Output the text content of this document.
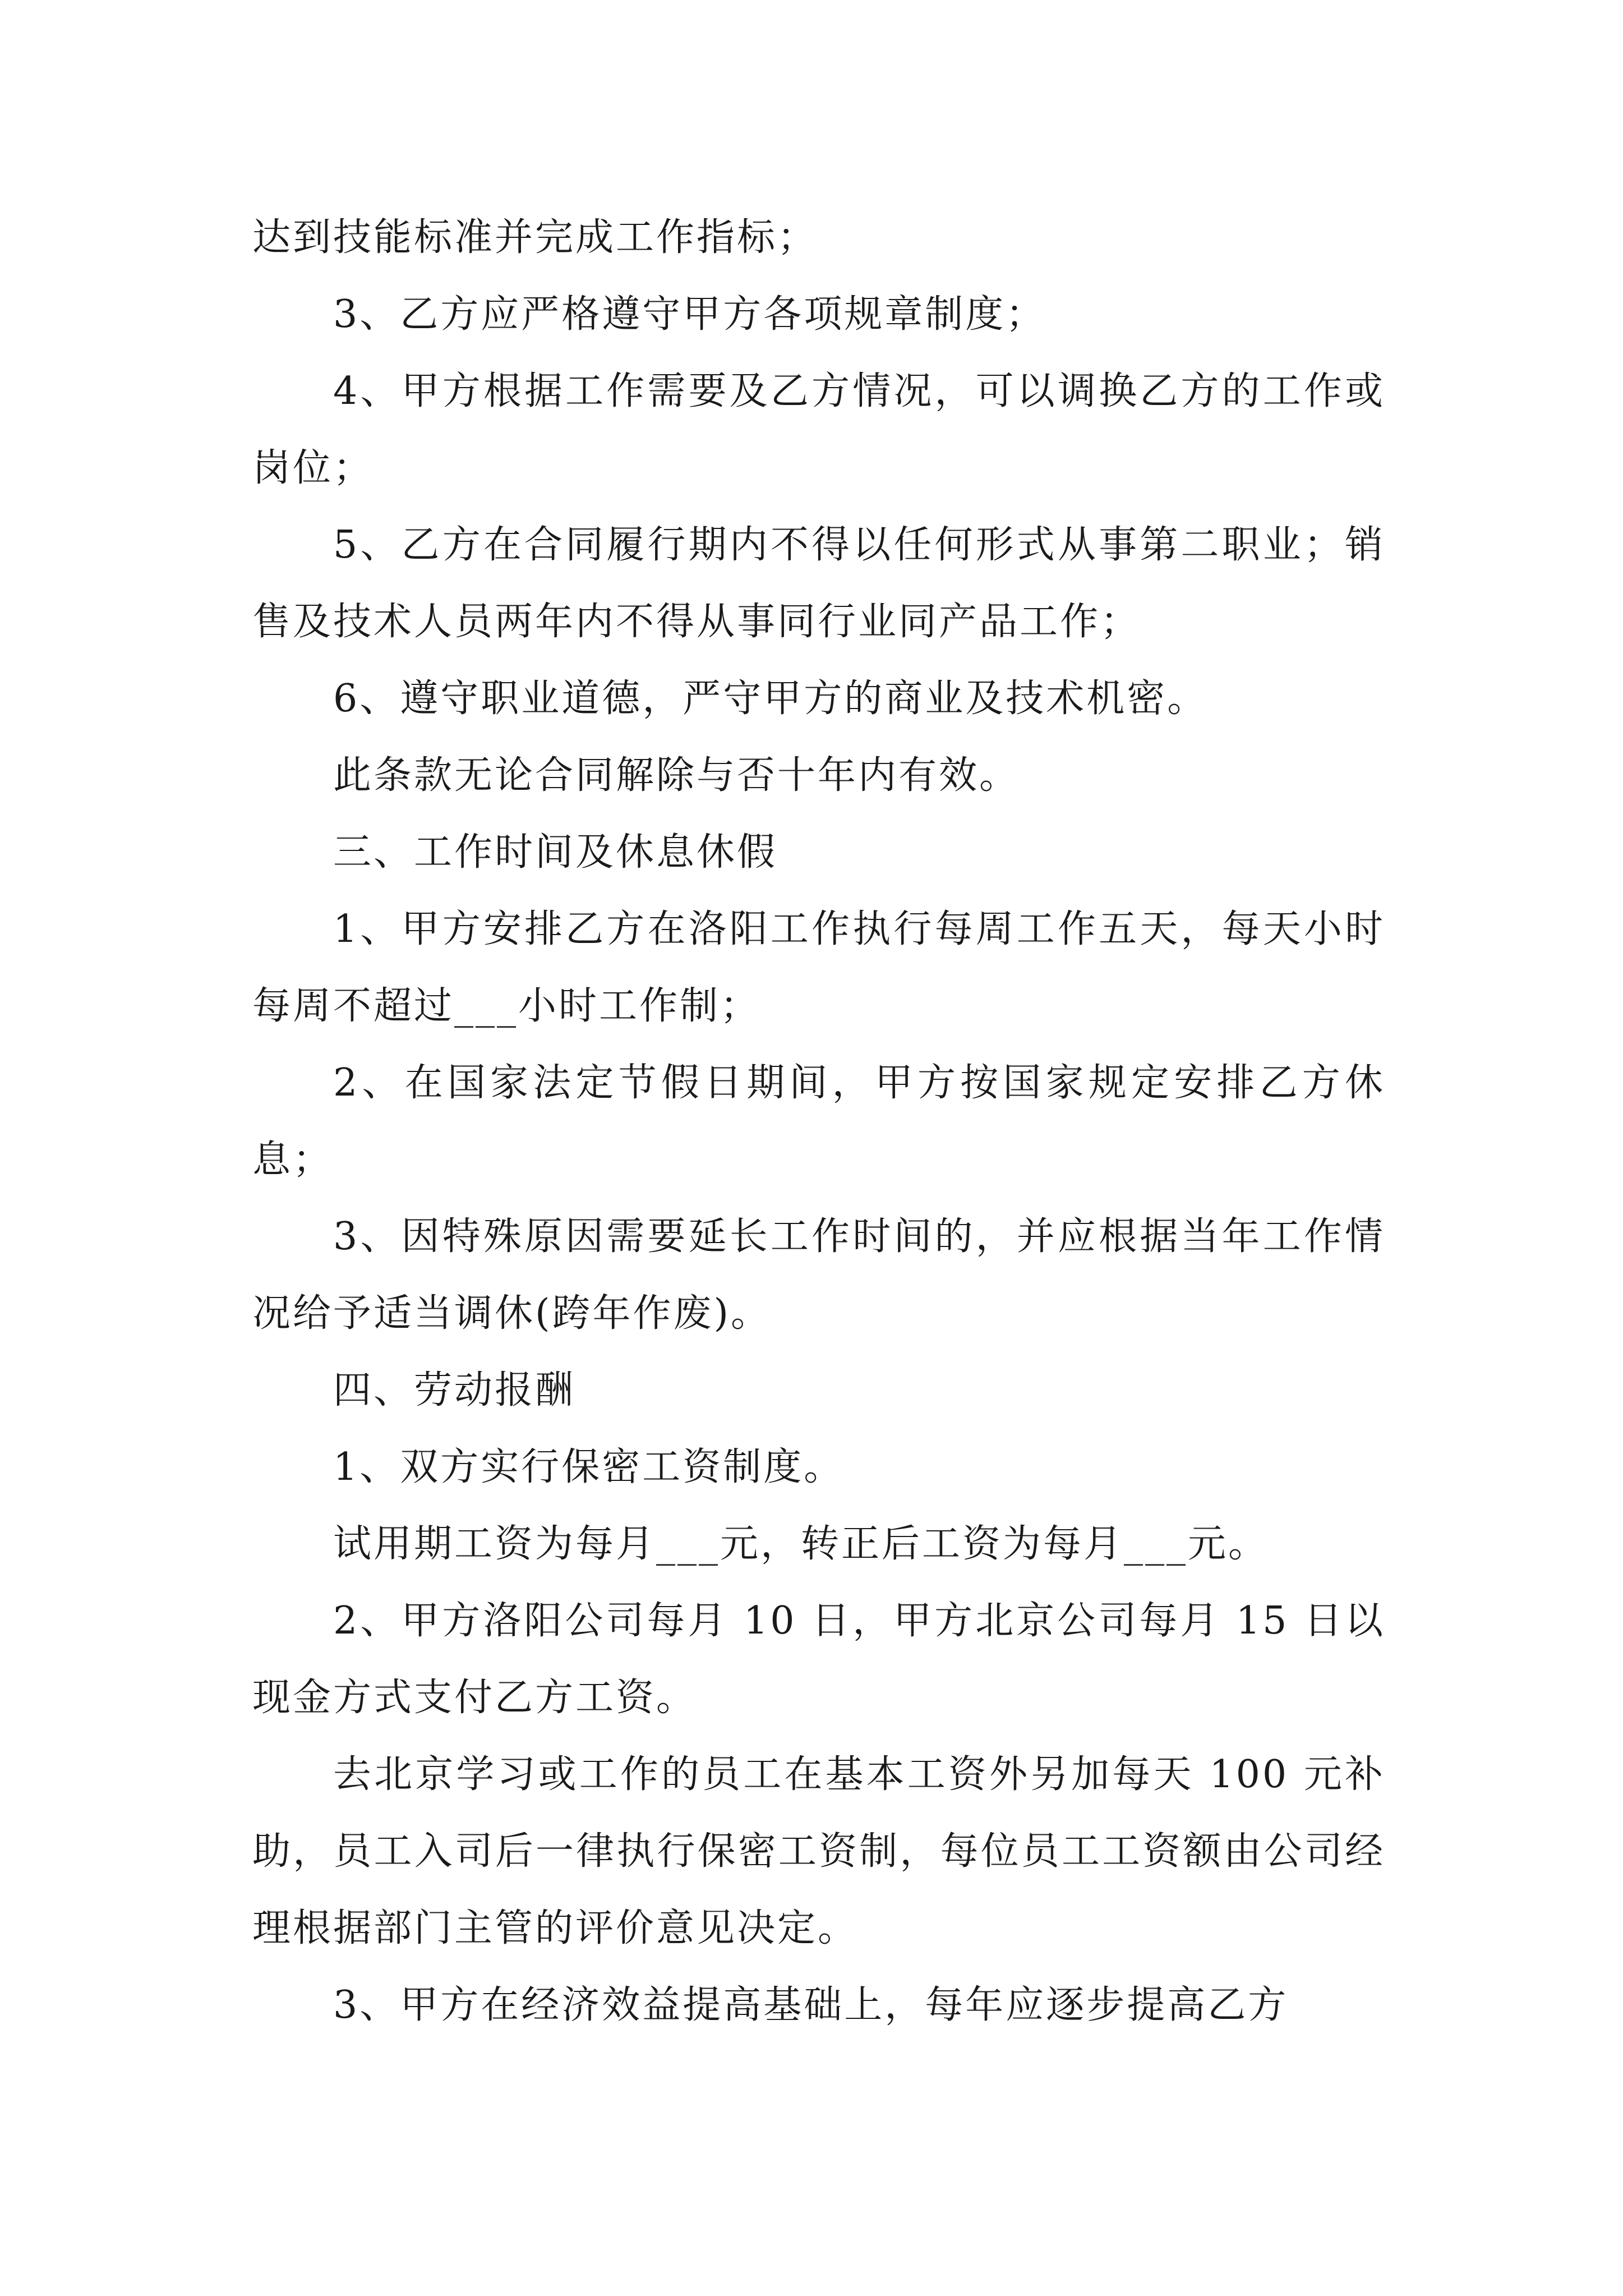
达到技能标准并完成工作指标；

3、乙方应严格遵守甲方各项规章制度；

4、甲方根据工作需要及乙方情况，可以调换乙方的工作或岗位；

5、乙方在合同履行期内不得以任何形式从事第二职业；销售及技术人员两年内不得从事同行业同产品工作；

6、遵守职业道德，严守甲方的商业及技术机密。

此条款无论合同解除与否十年内有效。

三、工作时间及休息休假

1、甲方安排乙方在洛阳工作执行每周工作五天，每天小时每周不超过___小时工作制；

2、在国家法定节假日期间，甲方按国家规定安排乙方休息；

3、因特殊原因需要延长工作时间的，并应根据当年工作情况给予适当调休(跨年作废)。

四、劳动报酬

1、双方实行保密工资制度。

试用期工资为每月___元，转正后工资为每月___元。

2、甲方洛阳公司每月 10 日，甲方北京公司每月 15 日以现金方式支付乙方工资。

去北京学习或工作的员工在基本工资外另加每天 100 元补助，员工入司后一律执行保密工资制，每位员工工资额由公司经理根据部门主管的评价意见决定。

3、甲方在经济效益提高基础上，每年应逐步提高乙方
